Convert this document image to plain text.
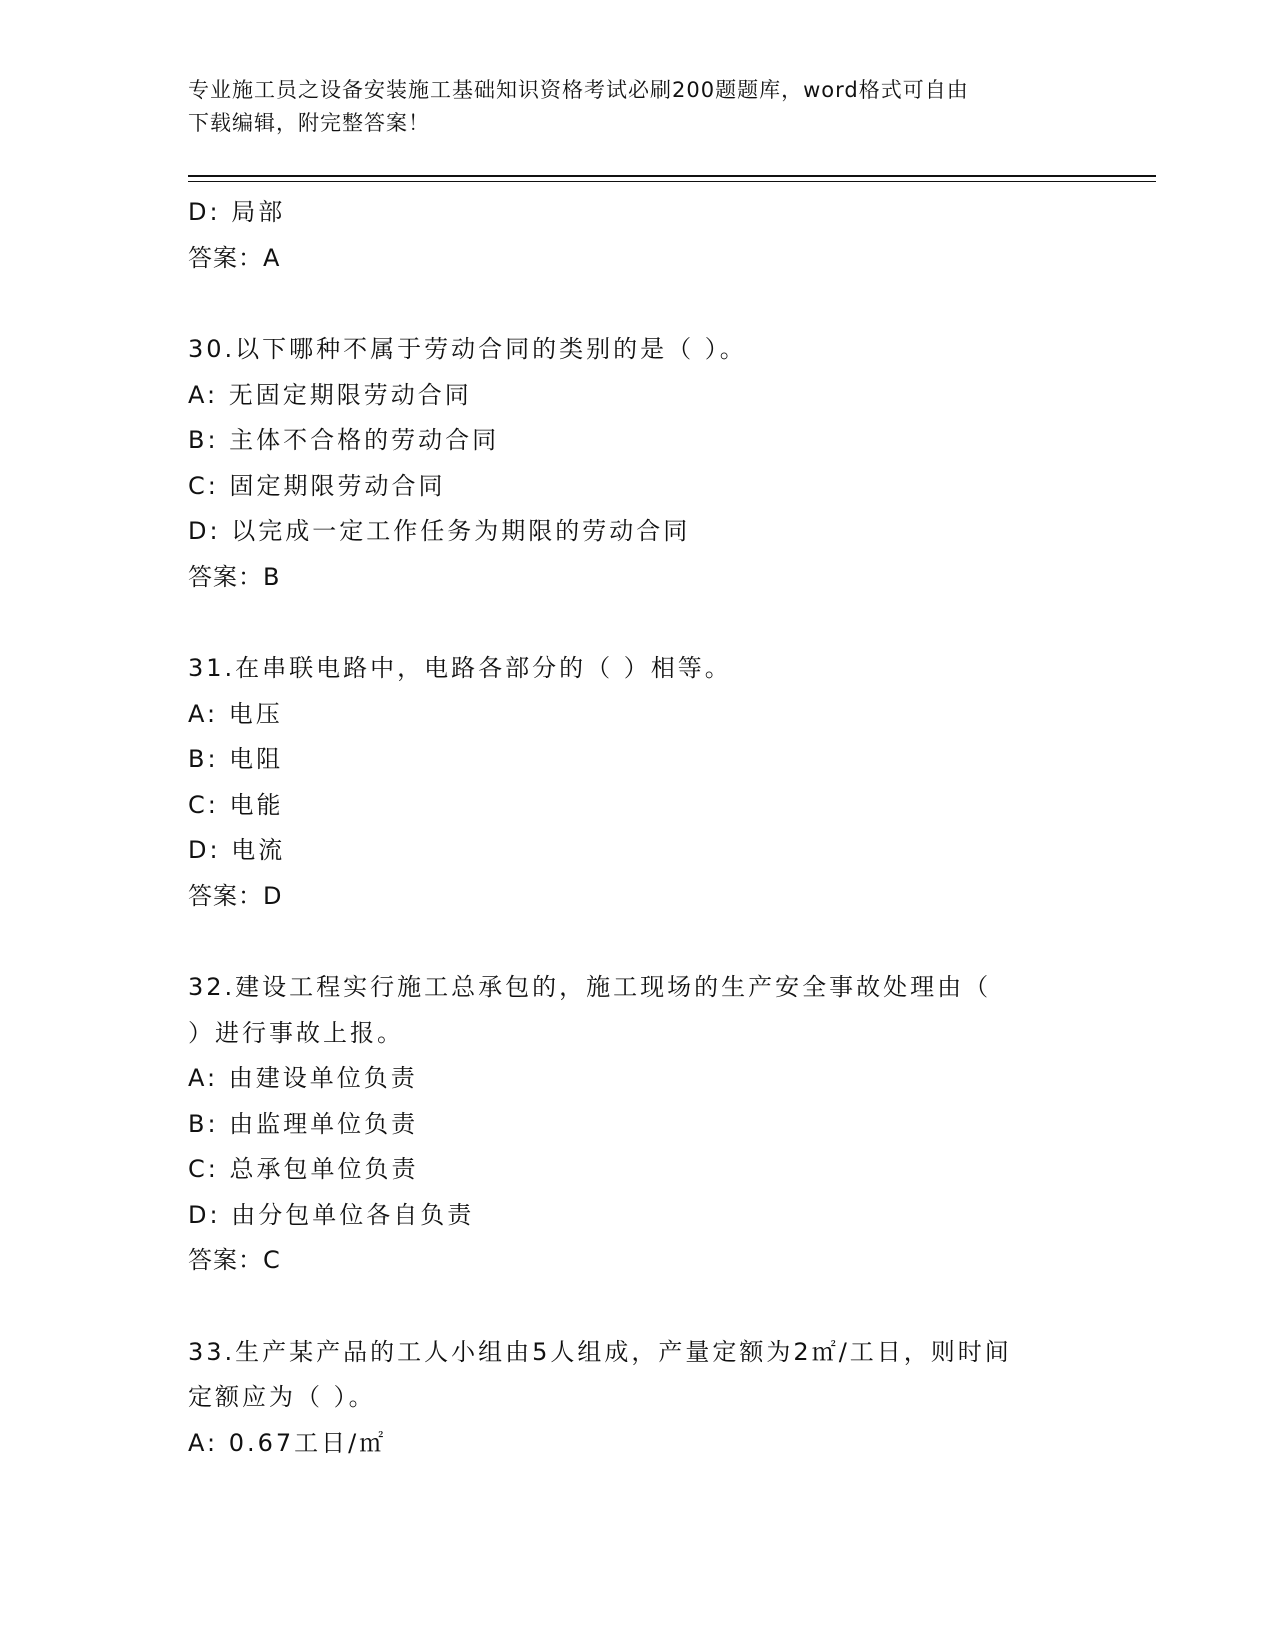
专业施工员之设备安装施工基础知识资格考试必刷200题题库，word格式可自由
下载编辑，附完整答案！
D: 局部
答案：A
30.以下哪种不属于劳动合同的类别的是（ ）。
A: 无固定期限劳动合同
B: 主体不合格的劳动合同
C: 固定期限劳动合同
D: 以完成一定工作任务为期限的劳动合同
答案：B
31.在串联电路中，电路各部分的（ ）相等。
A: 电压
B: 电阻
C: 电能
D: 电流
答案：D
32.建设工程实行施工总承包的，施工现场的生产安全事故处理由（
）进行事故上报。
A: 由建设单位负责
B: 由监理单位负责
C: 总承包单位负责
D: 由分包单位各自负责
答案：C
33.生产某产品的工人小组由5人组成，产量定额为2㎡/工日，则时间
定额应为（ ）。
A: 0.67工日/㎡
